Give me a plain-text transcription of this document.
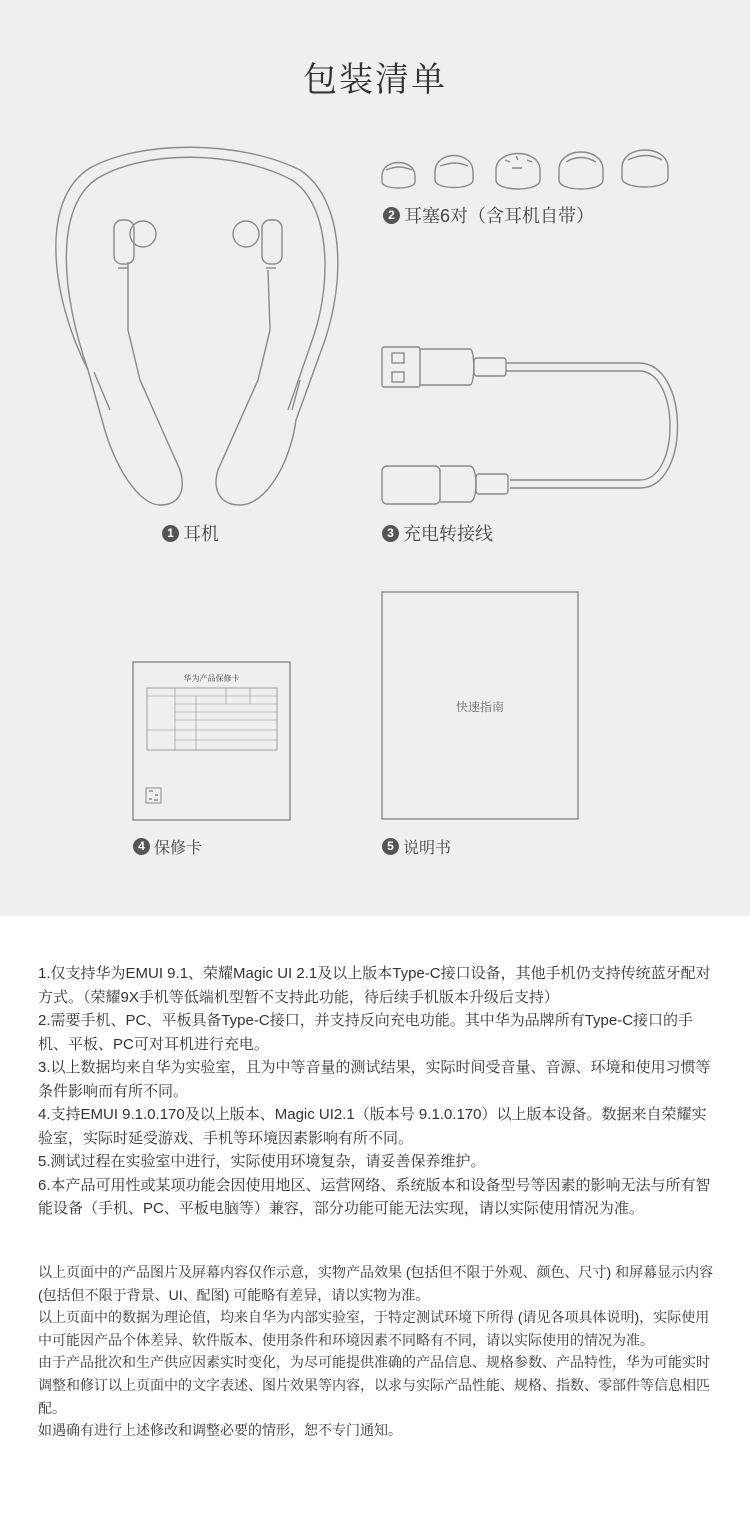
包装清单
1 耳机
2 耳塞6对（含耳机自带）
3 充电转接线
4 保修卡	5 说明书
华为产品保修卡
快速指南

1.仅支持华为EMUI 9.1、荣耀Magic UI 2.1及以上版本Type-C接口设备，其他手机仍支持传统蓝牙配对方式。（荣耀9X手机等低端机型暂不支持此功能，待后续手机版本升级后支持）

2.需要手机、PC、平板具备Type-C接口，并支持反向充电功能。其中华为品牌所有Type-C接口的手机、平板、PC可对耳机进行充电。

3.以上数据均来自华为实验室，且为中等音量的测试结果，实际时间受音量、音源、环境和使用习惯等条件影响而有所不同。

4.支持EMUI 9.1.0.170及以上版本、Magic UI2.1（版本号 9.1.0.170）以上版本设备。数据来自荣耀实验室，实际时延受游戏、手机等环境因素影响有所不同。

5.测试过程在实验室中进行，实际使用环境复杂，请妥善保养维护。

6.本产品可用性或某项功能会因使用地区、运营网络、系统版本和设备型号等因素的影响无法与所有智能设备（手机、PC、平板电脑等）兼容，部分功能可能无法实现，请以实际使用情况为准。

以上页面中的产品图片及屏幕内容仅作示意，实物产品效果 (包括但不限于外观、颜色、尺寸) 和屏幕显示内容 (包括但不限于背景、UI、配图) 可能略有差异，请以实物为准。

以上页面中的数据为理论值，均来自华为内部实验室，于特定测试环境下所得 (请见各项具体说明)，实际使用中可能因产品个体差异、软件版本、使用条件和环境因素不同略有不同，请以实际使用的情况为准。

由于产品批次和生产供应因素实时变化，为尽可能提供准确的产品信息、规格参数、产品特性，华为可能实时调整和修订以上页面中的文字表述、图片效果等内容，以求与实际产品性能、规格、指数、零部件等信息相匹配。

如遇确有进行上述修改和调整必要的情形，恕不专门通知。
